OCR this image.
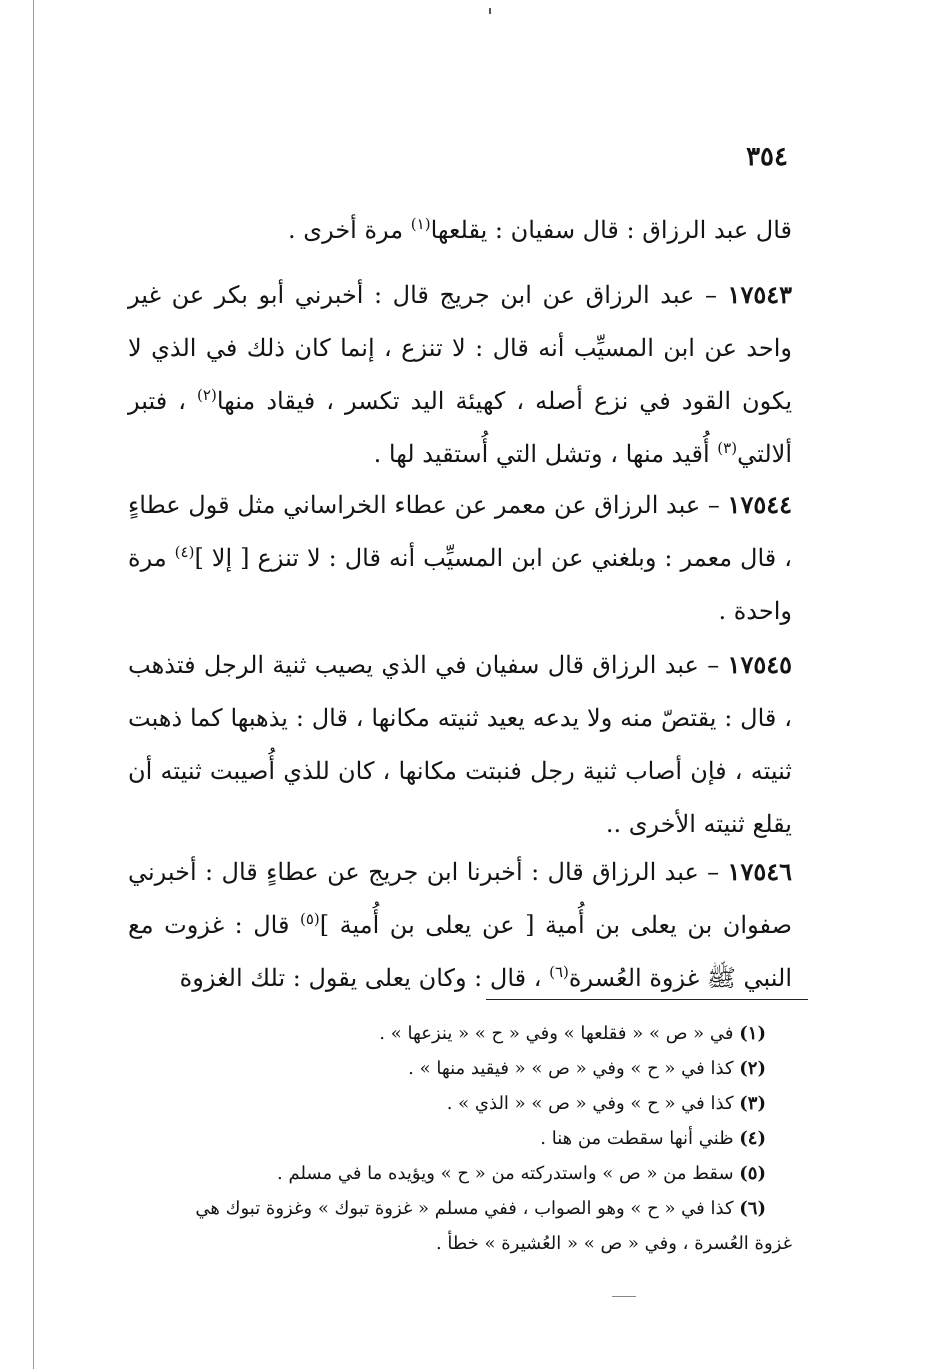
٣٥٤
قال عبد الرزاق : قال سفيان : يقلعها$^{(١)}$ مرة أخرى .
١٧٥٤٣ – عبد الرزاق عن ابن جريج قال : أخبرني أبو بكر عن غير واحد عن ابن المسيِّب أنه قال : لا تنزع ، إنما كان ذلك في الذي لا يكون القود في نزع أصله ، كهيئة اليد تكسر ، فيقاد منها$^{(٢)}$ ، فتبر ألالتي$^{(٣)}$ أُقيد منها ، وتشل التي أُستقيد لها .
١٧٥٤٤ – عبد الرزاق عن معمر عن عطاء الخراساني مثل قول عطاءٍ ، قال معمر : وبلغني عن ابن المسيِّب أنه قال : لا تنزع [ إلا ]$^{(٤)}$ مرة واحدة .
١٧٥٤٥ – عبد الرزاق قال سفيان في الذي يصيب ثنية الرجل فتذهب ، قال : يقتصّ منه ولا يدعه يعيد ثنيته مكانها ، قال : يذهبها كما ذهبت ثنيته ، فإن أصاب ثنية رجل فنبتت مكانها ، كان للذي أُصيبت ثنيته أن يقلع ثنيته الأخرى ..
١٧٥٤٦ – عبد الرزاق قال : أخبرنا ابن جريج عن عطاءٍ قال : أخبرني صفوان بن يعلى بن أُمية [ عن يعلى بن أُمية ]$^{(٥)}$ قال : غزوت مع النبي ﷺ غزوة العُسرة$^{(٦)}$ ، قال : وكان يعلى يقول : تلك الغزوة
(١) في « ص » « فقلعها » وفي « ح » « ينزعها » .
(٢) كذا في « ح » وفي « ص » « فيقيد منها » .
(٣) كذا في « ح » وفي « ص » « الذي » .
(٤) ظني أنها سقطت من هنا .
(٥) سقط من « ص » واستدركته من « ح » ويؤيده ما في مسلم .
(٦) كذا في « ح » وهو الصواب ، ففي مسلم « غزوة تبوك » وغزوة تبوك هي
غزوة العُسرة ، وفي « ص » « العُشيرة » خطأ .
